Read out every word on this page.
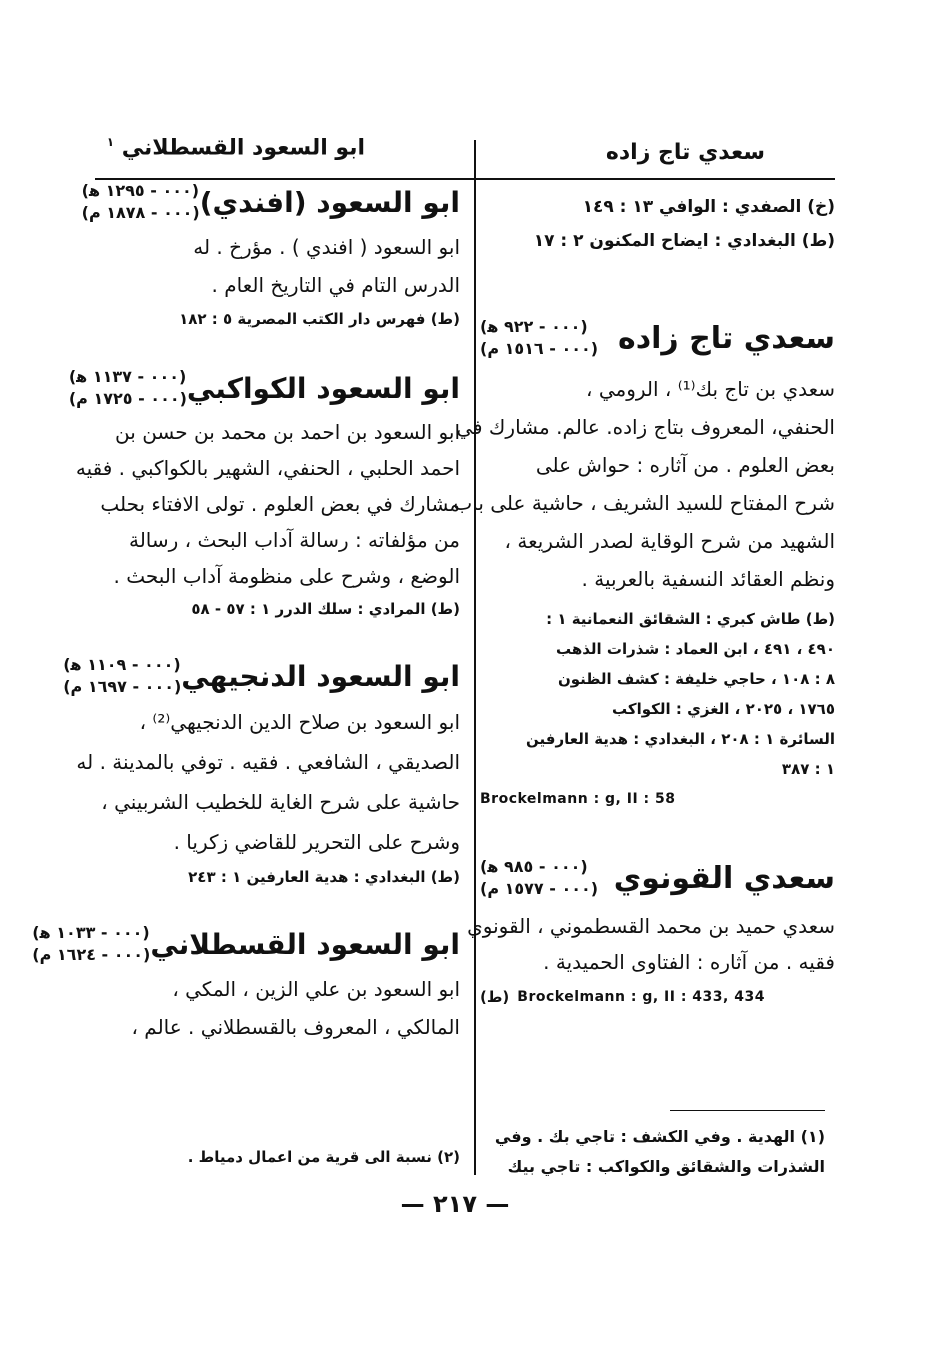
سعدي تاج زاده
ابو السعود القسطلاني $^١$
(خ) الصفدي : الوافي ١٣ : ١٤٩
(ط) البغدادي : ايضاح المكنون ٢ : ١٧
سعدي تاج زاده
(٠٠٠ - ٩٢٢ ﻫ)
(٠٠٠ - ١٥١٦ م)
سعدي بن تاج بك⁽¹⁾ ، الرومي ،
الحنفي، المعروف بتاج زاده. عالم. مشارك في
بعض العلوم . من آثاره : حواش على
شرح المفتاح للسيد الشريف ، حاشية على باب
الشهيد من شرح الوقاية لصدر الشريعة ،
ونظم العقائد النسفية بالعربية .
(ط) طاش كبري : الشقائق النعمانية ١ :
٤٩٠ ، ٤٩١ ، ابن العماد : شذرات الذهب
٨ : ١٠٨ ، حاجي خليفة : كشف الظنون
١٧٦٥ ، ٢٠٢٥ ، الغزي : الكواكب
السائرة ١ : ٢٠٨ ، البغدادي : هدية العارفين
١ : ٣٨٧
Brockelmann : g, II : 58
سعدي القونوي
(٠٠٠ - ٩٨٥ ﻫ)
(٠٠٠ - ١٥٧٧ م)
سعدي حميد بن محمد القسطموني ، القونوي
فقيه . من آثاره : الفتاوى الحميدية .
Brockelmann : g, II : 433, 434
(ط)
(١) الهدية . وفي الكشف : تاجي بك . وفي
الشذرات والشقائق والكواكب : تاجي بيك
ابو السعود (افندي)
(٠٠٠ - ١٢٩٥ ﻫ)
(٠٠٠ - ١٨٧٨ م)
ابو السعود ( افندي ) . مؤرخ . له
الدرس التام في التاريخ العام .
(ط) فهرس دار الكتب المصرية ٥ : ١٨٢
ابو السعود الكواكبي
(٠٠٠ - ١١٣٧ ﻫ)
(٠٠٠ - ١٧٢٥ م)
ابو السعود بن احمد بن محمد بن حسن بن
احمد الحلبي ، الحنفي، الشهير بالكواكبي . فقيه
مشارك في بعض العلوم . تولى الافتاء بحلب
من مؤلفاته : رسالة آداب البحث ، رسالة
الوضع ، وشرح على منظومة آداب البحث .
(ط) المرادي : سلك الدرر ١ : ٥٧ - ٥٨
ابو السعود الدنجيهي
(٠٠٠ - ١١٠٩ ﻫ)
(٠٠٠ - ١٦٩٧ م)
ابو السعود بن صلاح الدين الدنجيهي⁽²⁾ ،
الصديقي ، الشافعي . فقيه . توفي بالمدينة . له
حاشية على شرح الغاية للخطيب الشربيني ،
وشرح على التحرير للقاضي زكريا .
(ط) البغدادي : هدية العارفين ١ : ٢٤٣
ابو السعود القسطلاني
(٠٠٠ - ١٠٣٣ ﻫ)
(٠٠٠ - ١٦٢٤ م)
ابو السعود بن علي الزين ، المكي ،
المالكي ، المعروف بالقسطلاني . عالم ،
(٢) نسبة الى قرية من اعمال دمياط .
— ٢١٧ —
